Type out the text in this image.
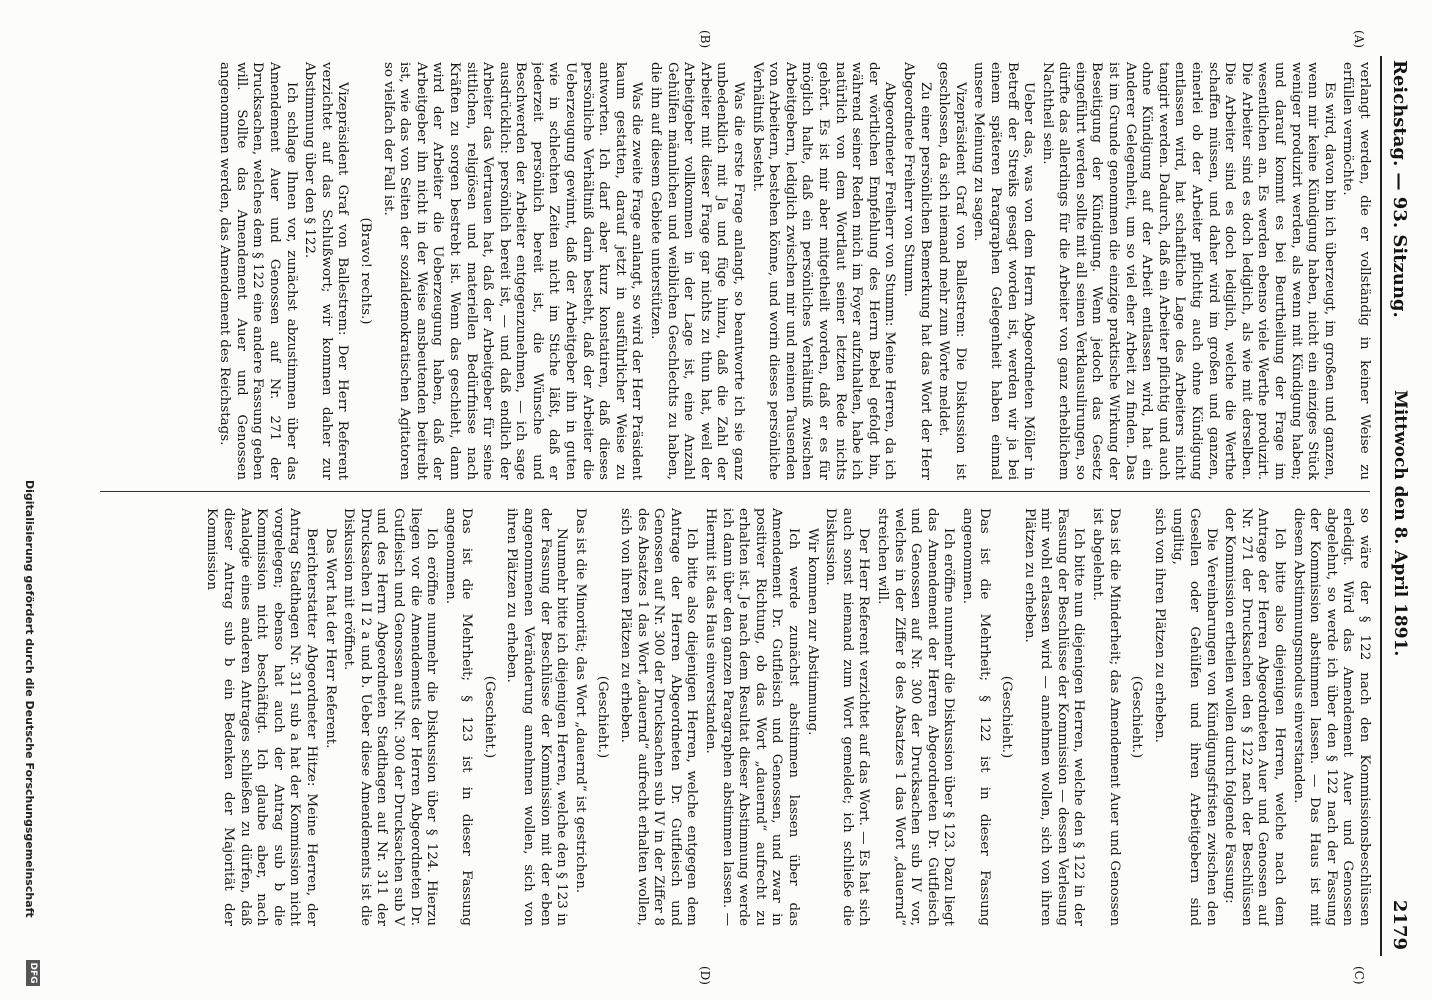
Reichstag. — 93. Sitzung.
Mittwoch den 8. April 1891.
2179
(A)
(B)
(C)
(D)

verlangt werden, die er vollständig in keiner Weise zu erfüllen vermöchte.

Es wird, davon bin ich überzeugt, im großen und ganzen, wenn mir keine Kündigung haben, nicht ein einziges Stück weniger produzirt werden, als wenn mit Kündigung haben; und darauf kommt es bei Beurtheilung der Frage im wesentlichen an. Es werden ebenso viele Werthe produzirt. Die Arbeiter sind es doch lediglich, als wie mit derselben. Die Arbeiter sind es doch lediglich, welche die Werthe schaffen müssen, und daher wird im großen und ganzen, einerlei ob der Arbeiter pflichtig auch ohne Kündigung entlassen wird, hat schaftliche Lage des Arbeiters nicht tangirt werden. Dadurch, daß ein Arbeiter pflichtig und auch ohne Kündigung auf der Arbeit entlassen wird, hat ein Anderer Gelegenheit, um so viel eher Arbeit zu finden. Das ist im Grunde genommen die einzige praktische Wirkung der Beseitigung der Kündigung. Wenn jedoch das Gesetz eingeführt werden sollte mit all seinen Verklausulirungen, so dürfte das allerdings für die Arbeiter von ganz erheblichem Nachtheil sein.

Ueber das, was von dem Herrn Abgeordneten Möller in Betreff der Streiks gesagt worden ist, werden wir ja bei einem späteren Paragraphen Gelegenheit haben einmal unsere Meinung zu sagen.

Vizepräsident Graf von Ballestrem: Die Diskussion ist geschlossen, da sich niemand mehr zum Worte meldet.

Zu einer persönlichen Bemerkung hat das Wort der Herr Abgeordnete Freiherr von Stumm.

Abgeordneter Freiherr von Stumm: Meine Herren, da ich der wörtlichen Empfehlung des Herrn Bebel gefolgt bin, während seiner Reden mich im Foyer aufzuhalten, habe ich natürlich von dem Wortlaut seiner letzten Rede nichts gehört. Es ist mir aber mitgetheilt worden, daß er es für möglich halte, daß ein persönliches Verhältniß zwischen Arbeitgebern, lediglich zwischen mir und meinen Tausenden von Arbeitern, bestehen könne, und worin dieses persönliche Verhältniß besteht.

Was die erste Frage anlangt, so beantworte ich sie ganz unbedenklich mit Ja und füge hinzu, daß die Zahl der Arbeiter mit dieser Frage gar nichts zu thun hat, weil der Arbeitgeber vollkommen in der Lage ist, eine Anzahl Gehülfen männlichen und weiblichen Geschlechts zu haben, die ihn auf diesem Gebiete unterstützen.

Was die zweite Frage anlangt, so wird der Herr Präsident kaum gestatten, darauf jetzt in ausführlicher Weise zu antworten. Ich darf aber kurz konstatiren, daß dieses persönliche Verhältniß darin besteht, daß der Arbeiter die Ueberzeugung gewinnt, daß der Arbeitgeber ihn in guten wie in schlechten Zeiten nicht im Stiche läßt, daß er jederzeit persönlich bereit ist, die Wünsche und Beschwerden der Arbeiter entgegenzunehmen, — ich sage ausdrücklich: persönlich bereit ist, — und daß endlich der Arbeiter das Vertrauen hat, daß der Arbeitgeber für seine sittlichen, religiösen und materiellen Bedürfnisse nach Kräften zu sorgen bestrebt ist. Wenn das geschieht, dann wird der Arbeiter die Ueberzeugung haben, daß der Arbeitgeber ihn nicht in der Weise ansbeutenden beitreibt ist, wie das von Seiten der sozialdemokratischen Agitatoren so vielfach der Fall ist.

(Bravo! rechts.)

Vizepräsident Graf von Ballestrem: Der Herr Referent verzichtet auf das Schlußwort; wir kommen daher zur Abstimmung über den § 122.

Ich schlage Ihnen vor, zunächst abzustimmen über das Amendement Auer und Genossen auf Nr. 271 der Drucksachen, welches dem § 122 eine andere Fassung geben will. Sollte das Amendement Auer und Genossen angenommen werden, das Amendement des Reichstags.

so wäre der § 122 nach den Kommissionsbeschlüssen erledigt. Wird das Amendement Auer und Genossen abgelehnt, so werde ich über den § 122 nach der Fassung der Kommission abstimmen lassen. — Das Haus ist mit diesem Abstimmungsmodus einverstanden.

Ich bitte also diejenigen Herren, welche nach dem Antrage der Herren Abgeordneten Auer und Genossen auf Nr. 271 der Drucksachen den § 122 nach der Beschlüssen der Kommission ertheilen wollen durch folgende Fassung:

Die Vereinbarungen von Kündigungsfristen zwischen den Gesellen oder Gehülfen und ihren Arbeitgebern sind ungiltig,

sich von ihren Plätzen zu erheben.

(Geschieht.)

Das ist die Minderheit; das Amendement Auer und Genossen ist abgelehnt.

Ich bitte nun diejenigen Herren, welche den § 122 in der Fassung der Beschlüsse der Kommission — dessen Verlesung mir wohl erlassen wird — annehmen wollen, sich von ihren Plätzen zu erheben.

(Geschieht.)

Das ist die Mehrheit; § 122 ist in dieser Fassung angenommen.

Ich eröffne nunmehr die Diskussion über § 123. Dazu liegt das Amendement der Herren Abgeordneten Dr. Gutfleisch und Genossen auf Nr. 300 der Drucksachen sub IV vor, welches in der Ziffer 8 des Absatzes 1 das Wort „dauernd“ streichen will.

Der Herr Referent verzichtet auf das Wort. — Es hat sich auch sonst niemand zum Wort gemeldet; ich schließe die Diskussion.

Wir kommen zur Abstimmung.

Ich werde zunächst abstimmen lassen über das Amendement Dr. Gutfleisch und Genossen, und zwar in positiver Richtung, ob das Wort „dauernd“ aufrecht zu erhalten ist. Je nach dem Resultat dieser Abstimmung werde ich dann über den ganzen Paragraphen abstimmen lassen. — Hiermit ist das Haus einverstanden.

Ich bitte also diejenigen Herren, welche entgegen dem Antrage der Herren Abgeordneten Dr. Gutfleisch und Genossen auf Nr. 300 der Drucksachen sub IV in der Ziffer 8 des Absatzes 1 das Wort „dauernd“ aufrecht erhalten wollen, sich von ihren Plätzen zu erheben.

(Geschieht.)

Das ist die Minorität; das Wort „dauernd“ ist gestrichen.

Nunmehr bitte ich diejenigen Herren, welche den § 123 in der Fassung der Beschlüsse der Kommission mit der eben angenommenen Veränderung annehmen wollen, sich von ihren Plätzen zu erheben.

(Geschieht.)

Das ist die Mehrheit; § 123 ist in dieser Fassung angenommen.

Ich eröffne nunmehr die Diskussion über § 124. Hierzu liegen vor die Amendements der Herren Abgeordneten Dr. Gutfleisch und Genossen auf Nr. 300 der Drucksachen sub V und des Herrn Abgeordneten Stadthagen auf Nr. 311 der Drucksachen II 2 a und b. Ueber diese Amendements ist die Diskussion mit eröffnet.

Das Wort hat der Herr Referent.

Berichterstatter Abgeordneter Hitze: Meine Herren, der Antrag Stadthagen Nr. 311 sub a hat der Kommission nicht vorgelegen; ebenso hat auch der Antrag sub b die Kommission nicht beschäftigt. Ich glaube aber, nach Analogie eines anderen Antrages schließen zu dürfen, daß dieser Antrag sub b ein Bedenken der Majorität der Kommission

Digitalisierung gefördert durch die Deutsche Forschungsgemeinschaft
DFG
